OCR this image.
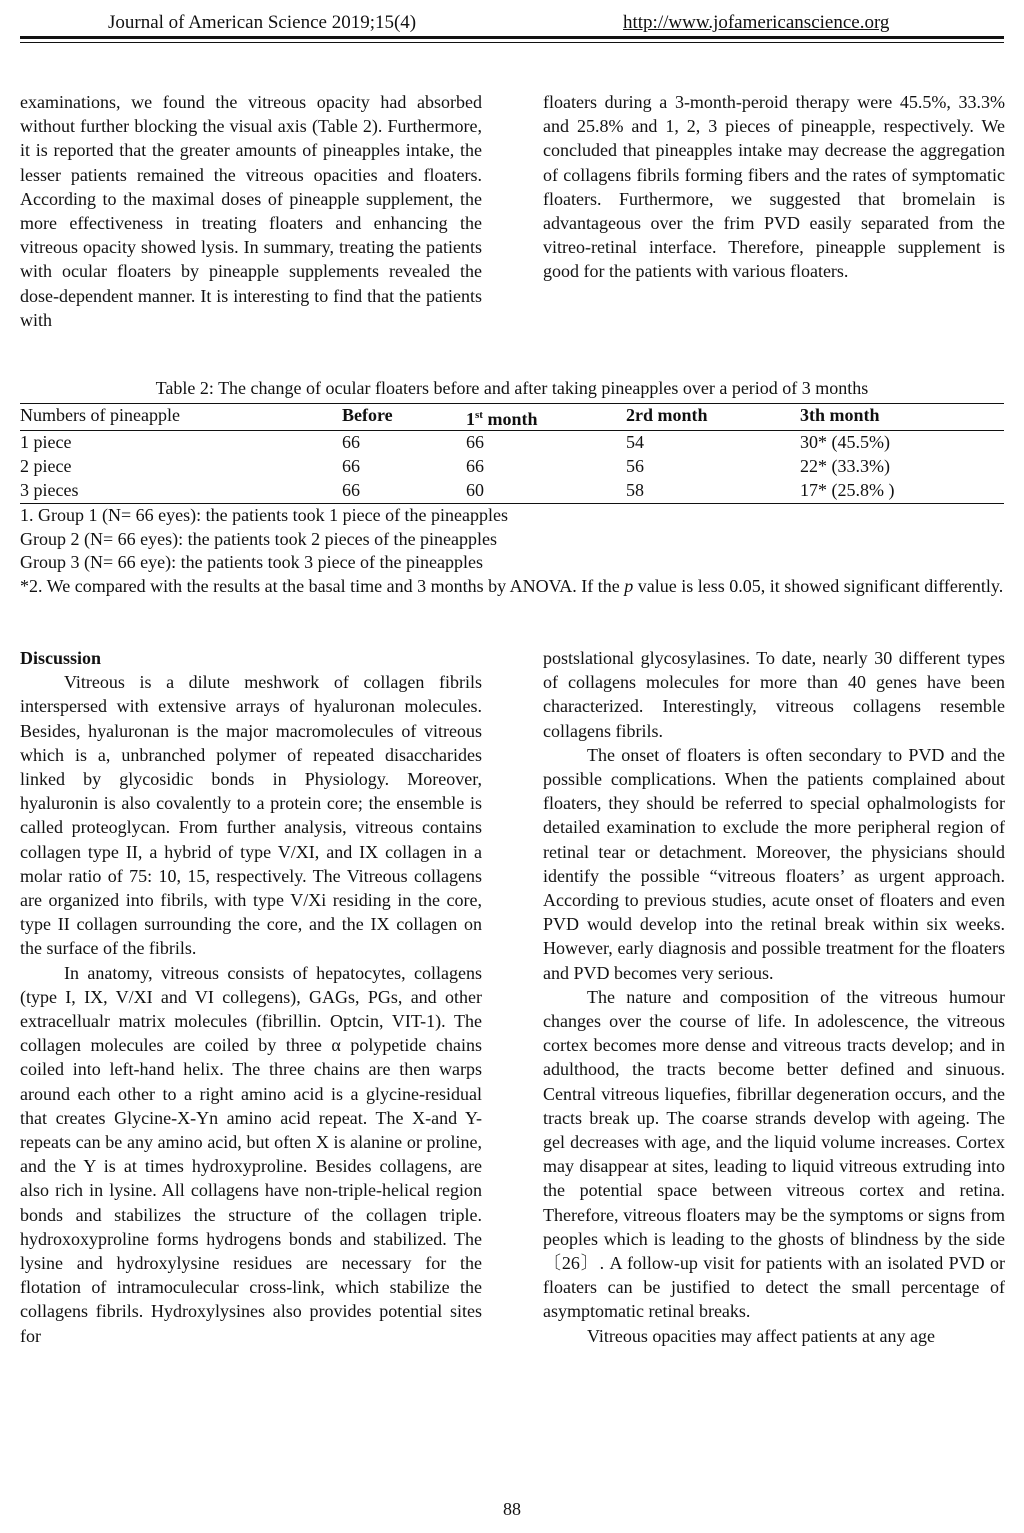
Journal of American Science 2019;15(4)	http://www.jofamericanscience.org

examinations, we found the vitreous opacity had absorbed without further blocking the visual axis (Table 2). Furthermore, it is reported that the greater amounts of pineapples intake, the lesser patients remained the vitreous opacities and floaters. According to the maximal doses of pineapple supplement, the more effectiveness in treating floaters and enhancing the vitreous opacity showed lysis. In summary, treating the patients with ocular floaters by pineapple supplements revealed the dose-dependent manner. It is interesting to find that the patients with

floaters during a 3-month-peroid therapy were 45.5%, 33.3% and 25.8% and 1, 2, 3 pieces of pineapple, respectively. We concluded that pineapples intake may decrease the aggregation of collagens fibrils forming fibers and the rates of symptomatic floaters. Furthermore, we suggested that bromelain is advantageous over the frim PVD easily separated from the vitreo-retinal interface. Therefore, pineapple supplement is good for the patients with various floaters.

Table 2: The change of ocular floaters before and after taking pineapples over a period of 3 months
Numbers of pineapple	Before	1st month	2rd month	3th month
1 piece	66	66	54	30* (45.5%)
2 piece	66	66	56	22* (33.3%)
3 pieces	66	60	58	17* (25.8% )

1. Group 1 (N= 66 eyes): the patients took 1 piece of the pineapples

Group 2 (N= 66 eyes): the patients took 2 pieces of the pineapples

Group 3 (N= 66 eye): the patients took 3 piece of the pineapples

*2. We compared with the results at the basal time and 3 months by ANOVA. If the p value is less 0.05, it showed significant differently.

Discussion

Vitreous is a dilute meshwork of collagen fibrils interspersed with extensive arrays of hyaluronan molecules. Besides, hyaluronan is the major macromolecules of vitreous which is a, unbranched polymer of repeated disaccharides linked by glycosidic bonds in Physiology. Moreover, hyaluronin is also covalently to a protein core; the ensemble is called proteoglycan. From further analysis, vitreous contains collagen type II, a hybrid of type V/XI, and IX collagen in a molar ratio of 75: 10, 15, respectively. The Vitreous collagens are organized into fibrils, with type V/Xi residing in the core, type II collagen surrounding the core, and the IX collagen on the surface of the fibrils.

In anatomy, vitreous consists of hepatocytes, collagens (type I, IX, V/XI and VI collegens), GAGs, PGs, and other extracellualr matrix molecules (fibrillin. Optcin, VIT-1). The collagen molecules are coiled by three α polypetide chains coiled into left-hand helix. The three chains are then warps around each other to a right amino acid is a glycine-residual that creates Glycine-X-Yn amino acid repeat. The X-and Y-repeats can be any amino acid, but often X is alanine or proline, and the Y is at times hydroxyproline. Besides collagens, are also rich in lysine. All collagens have non-triple-helical region bonds and stabilizes the structure of the collagen triple. hydroxoxyproline forms hydrogens bonds and stabilized. The lysine and hydroxylysine residues are necessary for the flotation of intramoculecular cross-link, which stabilize the collagens fibrils. Hydroxylysines also provides potential sites for

postslational glycosylasines. To date, nearly 30 different types of collagens molecules for more than 40 genes have been characterized. Interestingly, vitreous collagens resemble collagens fibrils.

The onset of floaters is often secondary to PVD and the possible complications. When the patients complained about floaters, they should be referred to special ophalmologists for detailed examination to exclude the more peripheral region of retinal tear or detachment. Moreover, the physicians should identify the possible “vitreous floaters’ as urgent approach. According to previous studies, acute onset of floaters and even PVD would develop into the retinal break within six weeks. However, early diagnosis and possible treatment for the floaters and PVD becomes very serious.

The nature and composition of the vitreous humour changes over the course of life. In adolescence, the vitreous cortex becomes more dense and vitreous tracts develop; and in adulthood, the tracts become better defined and sinuous. Central vitreous liquefies, fibrillar degeneration occurs, and the tracts break up. The coarse strands develop with ageing. The gel decreases with age, and the liquid volume increases. Cortex may disappear at sites, leading to liquid vitreous extruding into the potential space between vitreous cortex and retina. Therefore, vitreous floaters may be the symptoms or signs from peoples which is leading to the ghosts of blindness by the side〔26〕. A follow-up visit for patients with an isolated PVD or floaters can be justified to detect the small percentage of asymptomatic retinal breaks.

Vitreous opacities may affect patients at any age

88
